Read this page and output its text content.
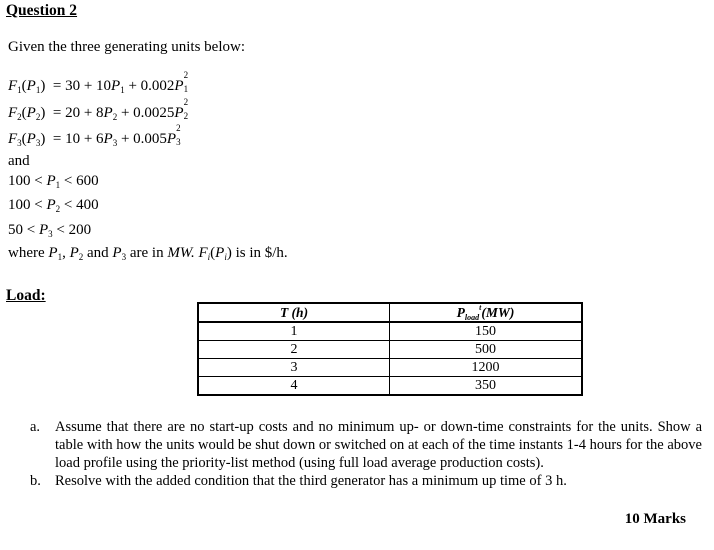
Question 2
Given the three generating units below:
$F_1(P_1) = 30 + 10P_1 + 0.002P$
2
1
$F_2(P_2) = 20 + 8P_2 + 0.0025P$
2
2
$F_3(P_3) = 10 + 6P_3 + 0.005P$
2
3
and
$100 < P_1 < 600$
$100 < P_2 < 400$
$50 < P_3 < 200$
where $P_1$, $P_2$ and $P_3$ are in MW. $F_i(P_i)$ is in $/h.
Load:
T (h)	$P_{load}^t(MW)$
1	150
2	500
3	1200
4	350
a. Assume that there are no start-up costs and no minimum up- or down-time constraints for the units. Show a table with how the units would be shut down or switched on at each of the time instants 1-4 hours for the above load profile using the priority-list method (using full load average production costs).
b. Resolve with the added condition that the third generator has a minimum up time of 3 h.
10 Marks
